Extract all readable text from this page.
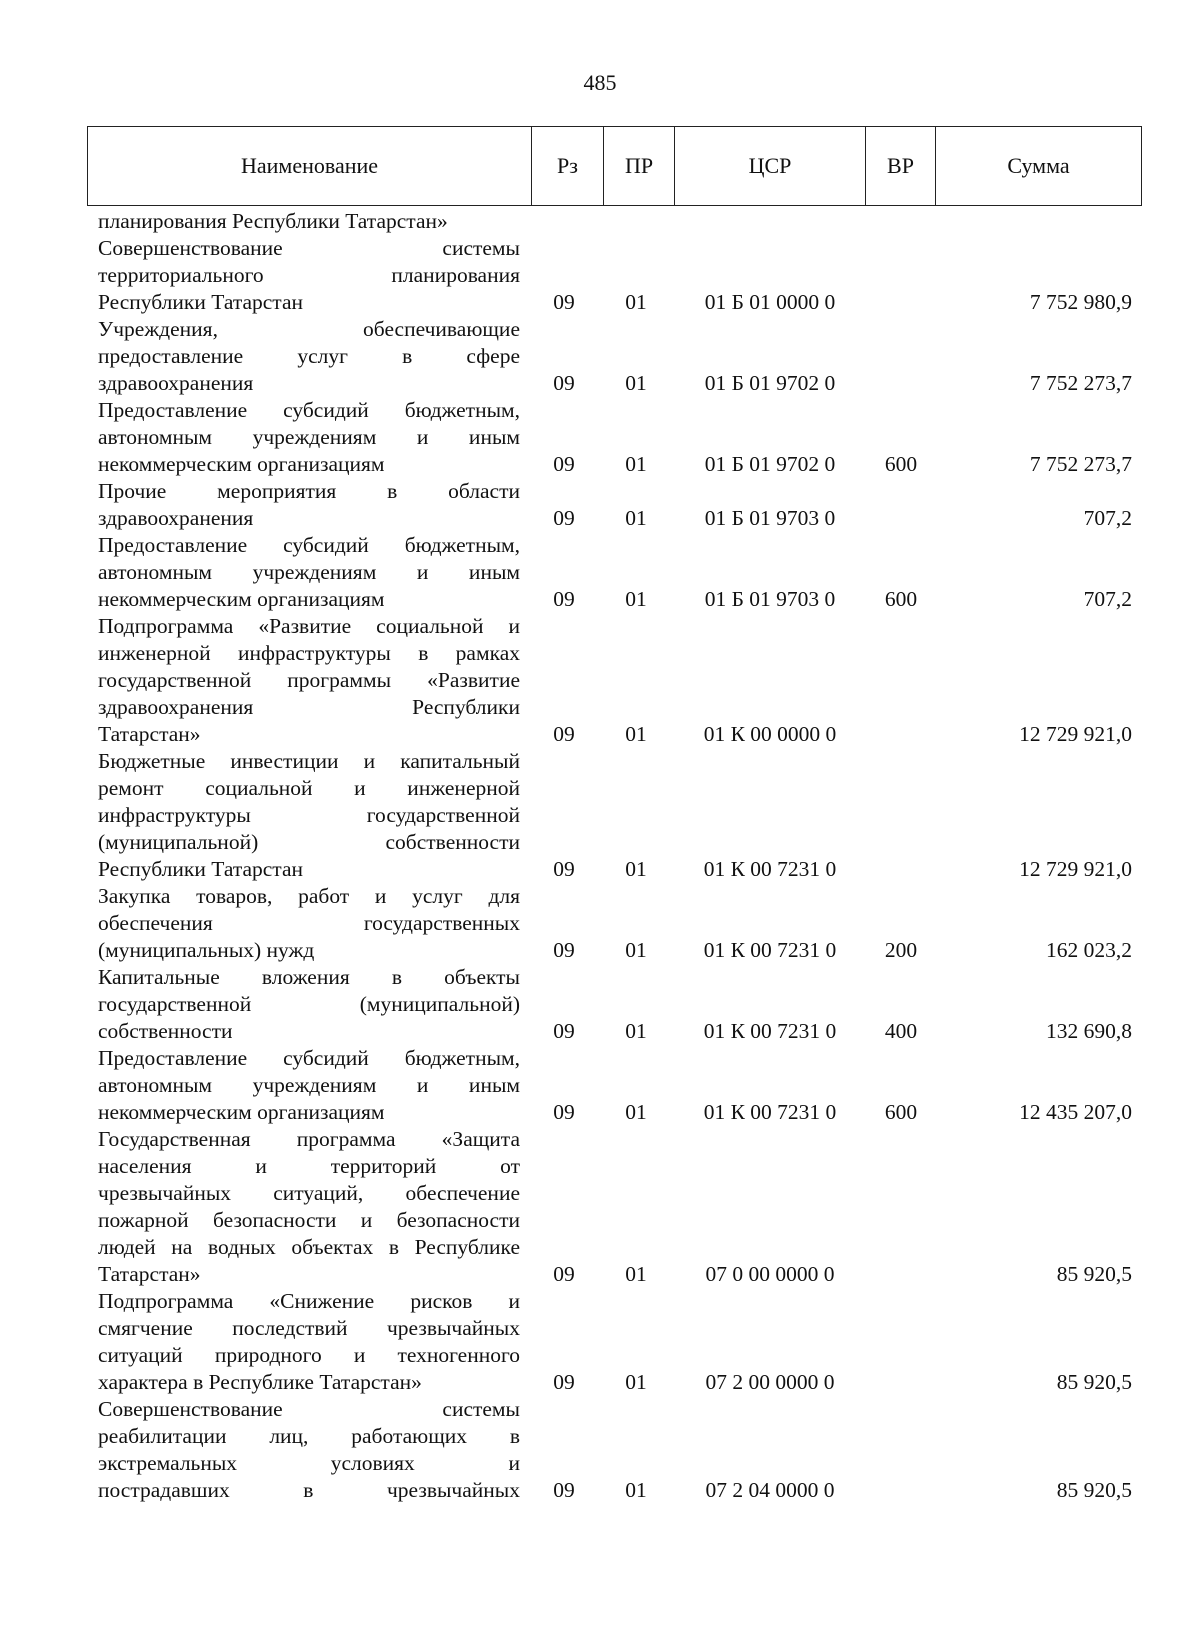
485
Наименование	Рз	ПР	ЦСР	ВР	Сумма
планирования Республики Татарстан»
Совершенствование системы
территориального планирования
Республики Татарстан	09	01	01 Б 01 0000 0	7 752 980,9
Учреждения, обеспечивающие
предоставление услуг в сфере
здравоохранения	09	01	01 Б 01 9702 0	7 752 273,7
Предоставление субсидий бюджетным,
автономным учреждениям и иным
некоммерческим организациям	09	01	01 Б 01 9702 0	600	7 752 273,7
Прочие мероприятия в области
здравоохранения	09	01	01 Б 01 9703 0	707,2
Предоставление субсидий бюджетным,
автономным учреждениям и иным
некоммерческим организациям	09	01	01 Б 01 9703 0	600	707,2
Подпрограмма «Развитие социальной и
инженерной инфраструктуры в рамках
государственной программы «Развитие
здравоохранения Республики
Татарстан»	09	01	01 К 00 0000 0	12 729 921,0
Бюджетные инвестиции и капитальный
ремонт социальной и инженерной
инфраструктуры государственной
(муниципальной) собственности
Республики Татарстан	09	01	01 К 00 7231 0	12 729 921,0
Закупка товаров, работ и услуг для
обеспечения государственных
(муниципальных) нужд	09	01	01 К 00 7231 0	200	162 023,2
Капитальные вложения в объекты
государственной (муниципальной)
собственности	09	01	01 К 00 7231 0	400	132 690,8
Предоставление субсидий бюджетным,
автономным учреждениям и иным
некоммерческим организациям	09	01	01 К 00 7231 0	600	12 435 207,0
Государственная программа «Защита
населения и территорий от
чрезвычайных ситуаций, обеспечение
пожарной безопасности и безопасности
людей на водных объектах в Республике
Татарстан»	09	01	07 0 00 0000 0	85 920,5
Подпрограмма «Снижение рисков и
смягчение последствий чрезвычайных
ситуаций природного и техногенного
характера в Республике Татарстан»	09	01	07 2 00 0000 0	85 920,5
Совершенствование системы
реабилитации лиц, работающих в
экстремальных условиях и
пострадавших в чрезвычайных	09	01	07 2 04 0000 0	85 920,5
